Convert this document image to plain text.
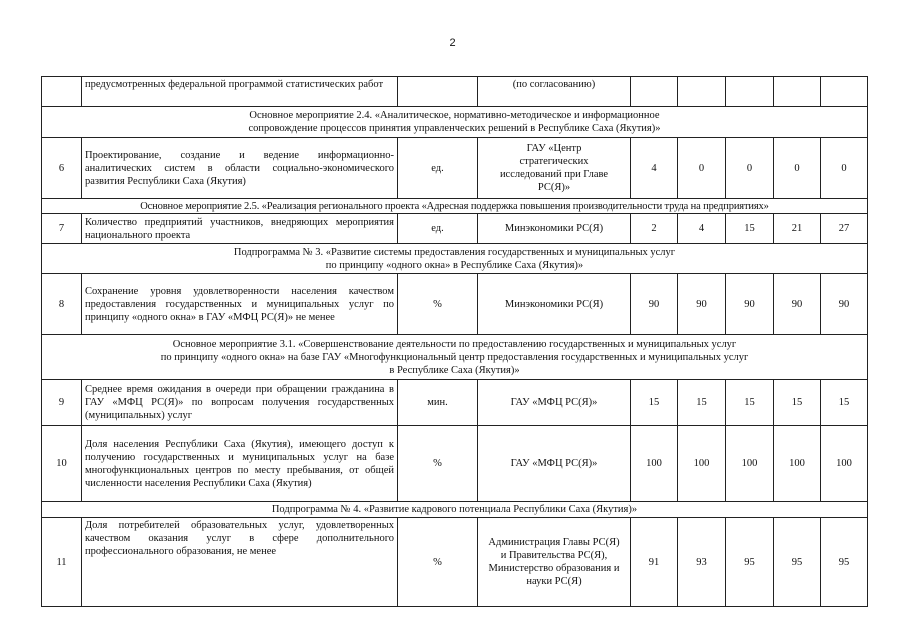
2
	предусмотренных федеральной программой статистических работ		(по согласованию)					

Основное мероприятие 2.4. «Аналитическое, нормативно-методическое и информационное
сопровождение процессов принятия управленческих решений в Республике Саха (Якутия)»								

6	Проектирование, создание и ведение информационно-аналитических систем в области социально-экономического развития Республики Саха (Якутия)	ед.	ГАУ «Центр стратегических исследований при Главе РС(Я)»	4	0	0	0	0

Основное мероприятие 2.5. «Реализация регионального проекта «Адресная поддержка повышения производительности труда на предприятиях»								

7	Количество предприятий участников, внедряющих мероприятия национального проекта	ед.	Минэкономики РС(Я)	2	4	15	21	27

Подпрограмма № 3. «Развитие системы предоставления государственных и муниципальных услуг
по принципу «одного окна» в Республике Саха (Якутия)»								

8	Сохранение уровня удовлетворенности населения качеством предоставления государственных и муниципальных услуг по принципу «одного окна» в ГАУ «МФЦ РС(Я)» не менее	%	Минэкономики РС(Я)	90	90	90	90	90

Основное мероприятие 3.1. «Совершенствование деятельности по предоставлению государственных и муниципальных услуг
по принципу «одного окна» на базе ГАУ «Многофункциональный центр предоставления государственных и муниципальных услуг
в Республике Саха (Якутия)»								

9	Среднее время ожидания в очереди при обращении гражданина в ГАУ «МФЦ РС(Я)» по вопросам получения государственных (муниципальных) услуг	мин.	ГАУ «МФЦ РС(Я)»	15	15	15	15	15
10	Доля населения Республики Саха (Якутия), имеющего доступ к получению государственных и муниципальных услуг на базе многофункциональных центров по месту пребывания, от общей численности населения Республики Саха (Якутия)	%	ГАУ «МФЦ РС(Я)»	100	100	100	100	100

Подпрограмма № 4. «Развитие кадрового потенциала Республики Саха (Якутия)»								

11	Доля потребителей образовательных услуг, удовлетворенных качеством оказания услуг в сфере дополнительного профессионального образования, не менее	%	Администрация Главы РС(Я) и Правительства РС(Я), Министерство образования и науки РС(Я)	91	93	95	95	95
